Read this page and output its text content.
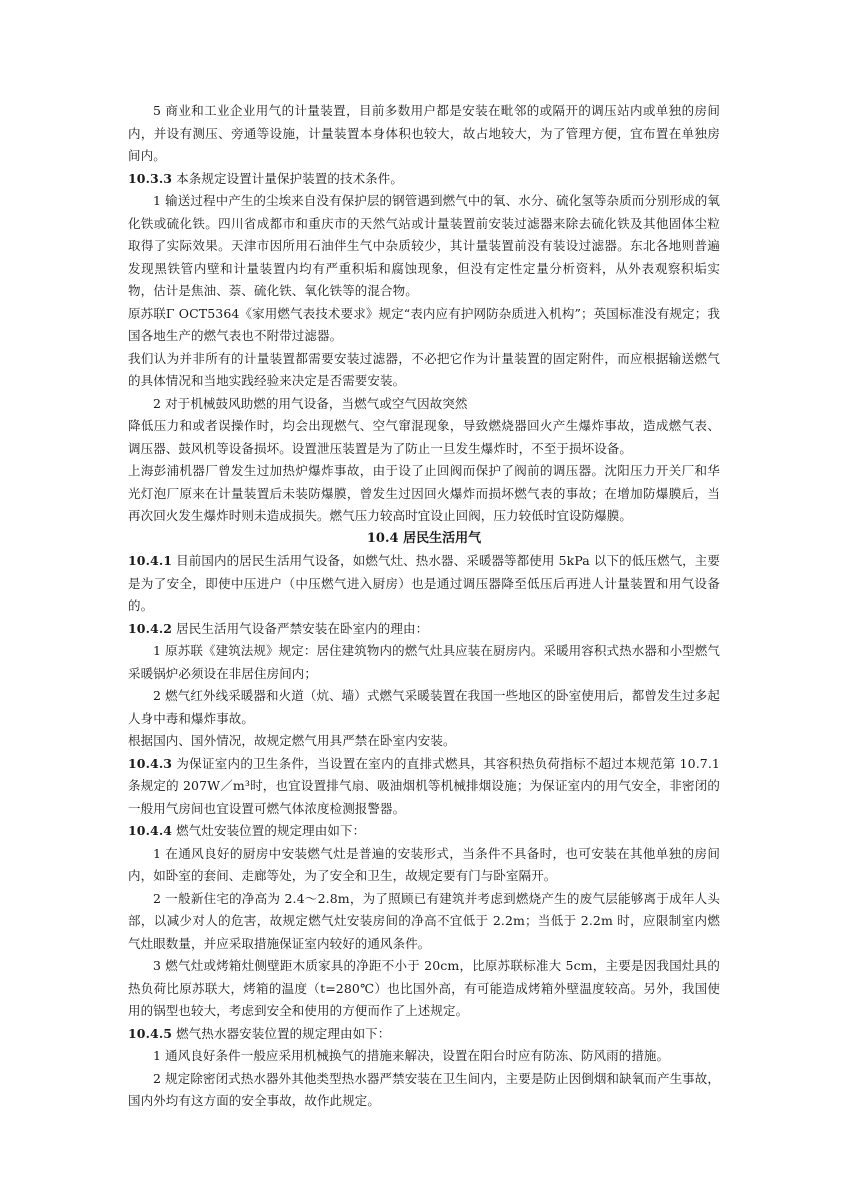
5 商业和工业企业用气的计量装置，目前多数用户都是安装在毗邻的或隔开的调压站内或单独的房间内，并设有测压、旁通等设施，计量装置本身体积也较大，故占地较大，为了管理方便，宜布置在单独房间内。

10.3.3 本条规定设置计量保护装置的技术条件。

1 输送过程中产生的尘埃来自没有保护层的钢管遇到燃气中的氧、水分、硫化氢等杂质而分别形成的氧化铁或硫化铁。四川省成都市和重庆市的天然气站或计量装置前安装过滤器来除去硫化铁及其他固体尘粒取得了实际效果。天津市因所用石油伴生气中杂质较少，其计量装置前没有装设过滤器。东北各地则普遍发现黑铁管内壁和计量装置内均有严重积垢和腐蚀现象，但没有定性定量分析资料，从外表观察积垢实物，估计是焦油、萘、硫化铁、氧化铁等的混合物。

原苏联Γ OCT5364《家用燃气表技术要求》规定“表内应有护网防杂质进入机构”；英国标准没有规定；我国各地生产的燃气表也不附带过滤器。

我们认为并非所有的计量装置都需要安装过滤器，不必把它作为计量装置的固定附件，而应根据输送燃气的具体情况和当地实践经验来决定是否需要安装。

2 对于机械鼓风助燃的用气设备，当燃气或空气因故突然

降低压力和或者误操作时，均会出现燃气、空气窜混现象，导致燃烧器回火产生爆炸事故，造成燃气表、调压器、鼓风机等设备损坏。设置泄压装置是为了防止一旦发生爆炸时，不至于损坏设备。

上海彭浦机器厂曾发生过加热炉爆炸事故，由于设了止回阀而保护了阀前的调压器。沈阳压力开关厂和华光灯泡厂原来在计量装置后未装防爆膜，曾发生过因回火爆炸而损坏燃气表的事故；在增加防爆膜后，当再次回火发生爆炸时则未造成损失。燃气压力较高时宜设止回阀，压力较低时宜设防爆膜。

10.4 居民生活用气

10.4.1 目前国内的居民生活用气设备，如燃气灶、热水器、采暖器等都使用 5kPa 以下的低压燃气，主要是为了安全，即使中压进户（中压燃气进入厨房）也是通过调压器降至低压后再进人计量装置和用气设备的。

10.4.2 居民生活用气设备严禁安装在卧室内的理由：

1 原苏联《建筑法规》规定：居住建筑物内的燃气灶具应装在厨房内。采暖用容积式热水器和小型燃气采暖锅炉必须设在非居住房间内；

2 燃气红外线采暖器和火道（炕、墙）式燃气采暖装置在我国一些地区的卧室使用后，都曾发生过多起人身中毒和爆炸事故。

根据国内、国外情况，故规定燃气用具严禁在卧室内安装。

10.4.3 为保证室内的卫生条件，当设置在室内的直排式燃具，其容积热负荷指标不超过本规范第 10.7.1 条规定的 207W／m³时，也宜设置排气扇、吸油烟机等机械排烟设施；为保证室内的用气安全，非密闭的一般用气房间也宜设置可燃气体浓度检测报警器。

10.4.4 燃气灶安装位置的规定理由如下：

1 在通风良好的厨房中安装燃气灶是普遍的安装形式，当条件不具备时，也可安装在其他单独的房间内，如卧室的套间、走廊等处，为了安全和卫生，故规定要有门与卧室隔开。

2 一般新住宅的净高为 2.4～2.8m，为了照顾已有建筑并考虑到燃烧产生的废气层能够离于成年人头部，以减少对人的危害，故规定燃气灶安装房间的净高不宜低于 2.2m；当低于 2.2m 时，应限制室内燃气灶眼数量，并应采取措施保证室内较好的通风条件。

3 燃气灶或烤箱灶侧壁距木质家具的净距不小于 20cm，比原苏联标准大 5cm，主要是因我国灶具的热负荷比原苏联大，烤箱的温度（t=280℃）也比国外高，有可能造成烤箱外壁温度较高。另外，我国使用的锅型也较大，考虑到安全和使用的方便而作了上述规定。

10.4.5 燃气热水器安装位置的规定理由如下：

1 通风良好条件一般应采用机械换气的措施来解决，设置在阳台时应有防冻、防风雨的措施。

2 规定除密闭式热水器外其他类型热水器严禁安装在卫生间内，主要是防止因倒烟和缺氧而产生事故，国内外均有这方面的安全事故，故作此规定。
